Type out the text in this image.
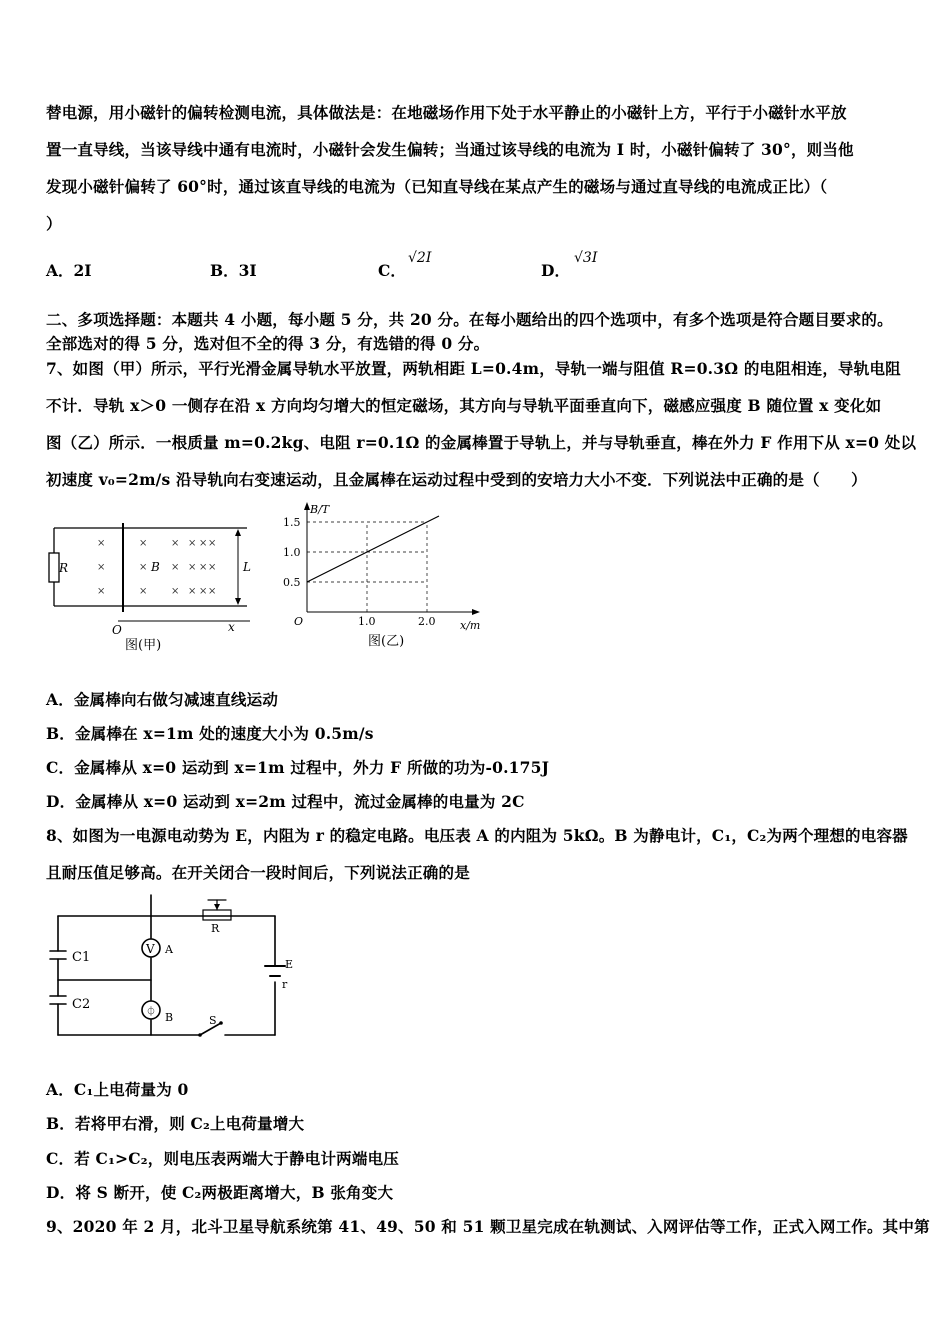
替电源，用小磁针的偏转检测电流，具体做法是：在地磁场作用下处于水平静止的小磁针上方，平行于小磁针水平放
置一直导线，当该导线中通有电流时，小磁针会发生偏转；当通过该导线的电流为 I 时，小磁针偏转了 30°，则当他
发现小磁针偏转了 60°时，通过该直导线的电流为（已知直导线在某点产生的磁场与通过直导线的电流成正比）（
）
A．2I	B．3I	C．
√2I
D．
√3I
二、多项选择题：本题共 4 小题，每小题 5 分，共 20 分。在每小题给出的四个选项中，有多个选项是符合题目要求的。
全部选对的得 5 分，选对但不全的得 3 分，有选错的得 0 分。
7、如图（甲）所示，平行光滑金属导轨水平放置，两轨相距 L=0.4m，导轨一端与阻值 R=0.3Ω 的电阻相连，导轨电阻
不计．导轨 x＞0 一侧存在沿 x 方向均匀增大的恒定磁场，其方向与导轨平面垂直向下，磁感应强度 B 随位置 x 变化如
图（乙）所示．一根质量 m=0.2kg、电阻 r=0.1Ω 的金属棒置于导轨上，并与导轨垂直，棒在外力 F 作用下从 x=0 处以
初速度 v₀=2m/s 沿导轨向右变速运动，且金属棒在运动过程中受到的安培力大小不变．下列说法中正确的是（　　）
×
×
×
×
×
×
×
×
×
×
×
×
×
×
×
×
×
×
R	B	L
O	x
图(甲)
0.5
1.0
1.5
1.0	2.0
B/T
x/m
O
图(乙)
A．金属棒向右做匀减速直线运动
B．金属棒在 x=1m 处的速度大小为 0.5m/s
C．金属棒从 x=0 运动到 x=1m 过程中，外力 F 所做的功为-0.175J
D．金属棒从 x=0 运动到 x=2m 过程中，流过金属棒的电量为 2C
8、如图为一电源电动势为 E，内阻为 r 的稳定电路。电压表 A 的内阻为 5kΩ。B 为静电计，C₁，C₂为两个理想的电容器
且耐压值足够高。在开关闭合一段时间后，下列说法正确的是
V
⏀
C1
C2
A
B
R
E
r
S
A．C₁上电荷量为 0
B．若将甲右滑，则 C₂上电荷量增大
C．若 C₁>C₂，则电压表两端大于静电计两端电压
D．将 S 断开，使 C₂两极距离增大，B 张角变大
9、2020 年 2 月，北斗卫星导航系统第 41、49、50 和 51 颗卫星完成在轨测试、入网评估等工作，正式入网工作。其中第
